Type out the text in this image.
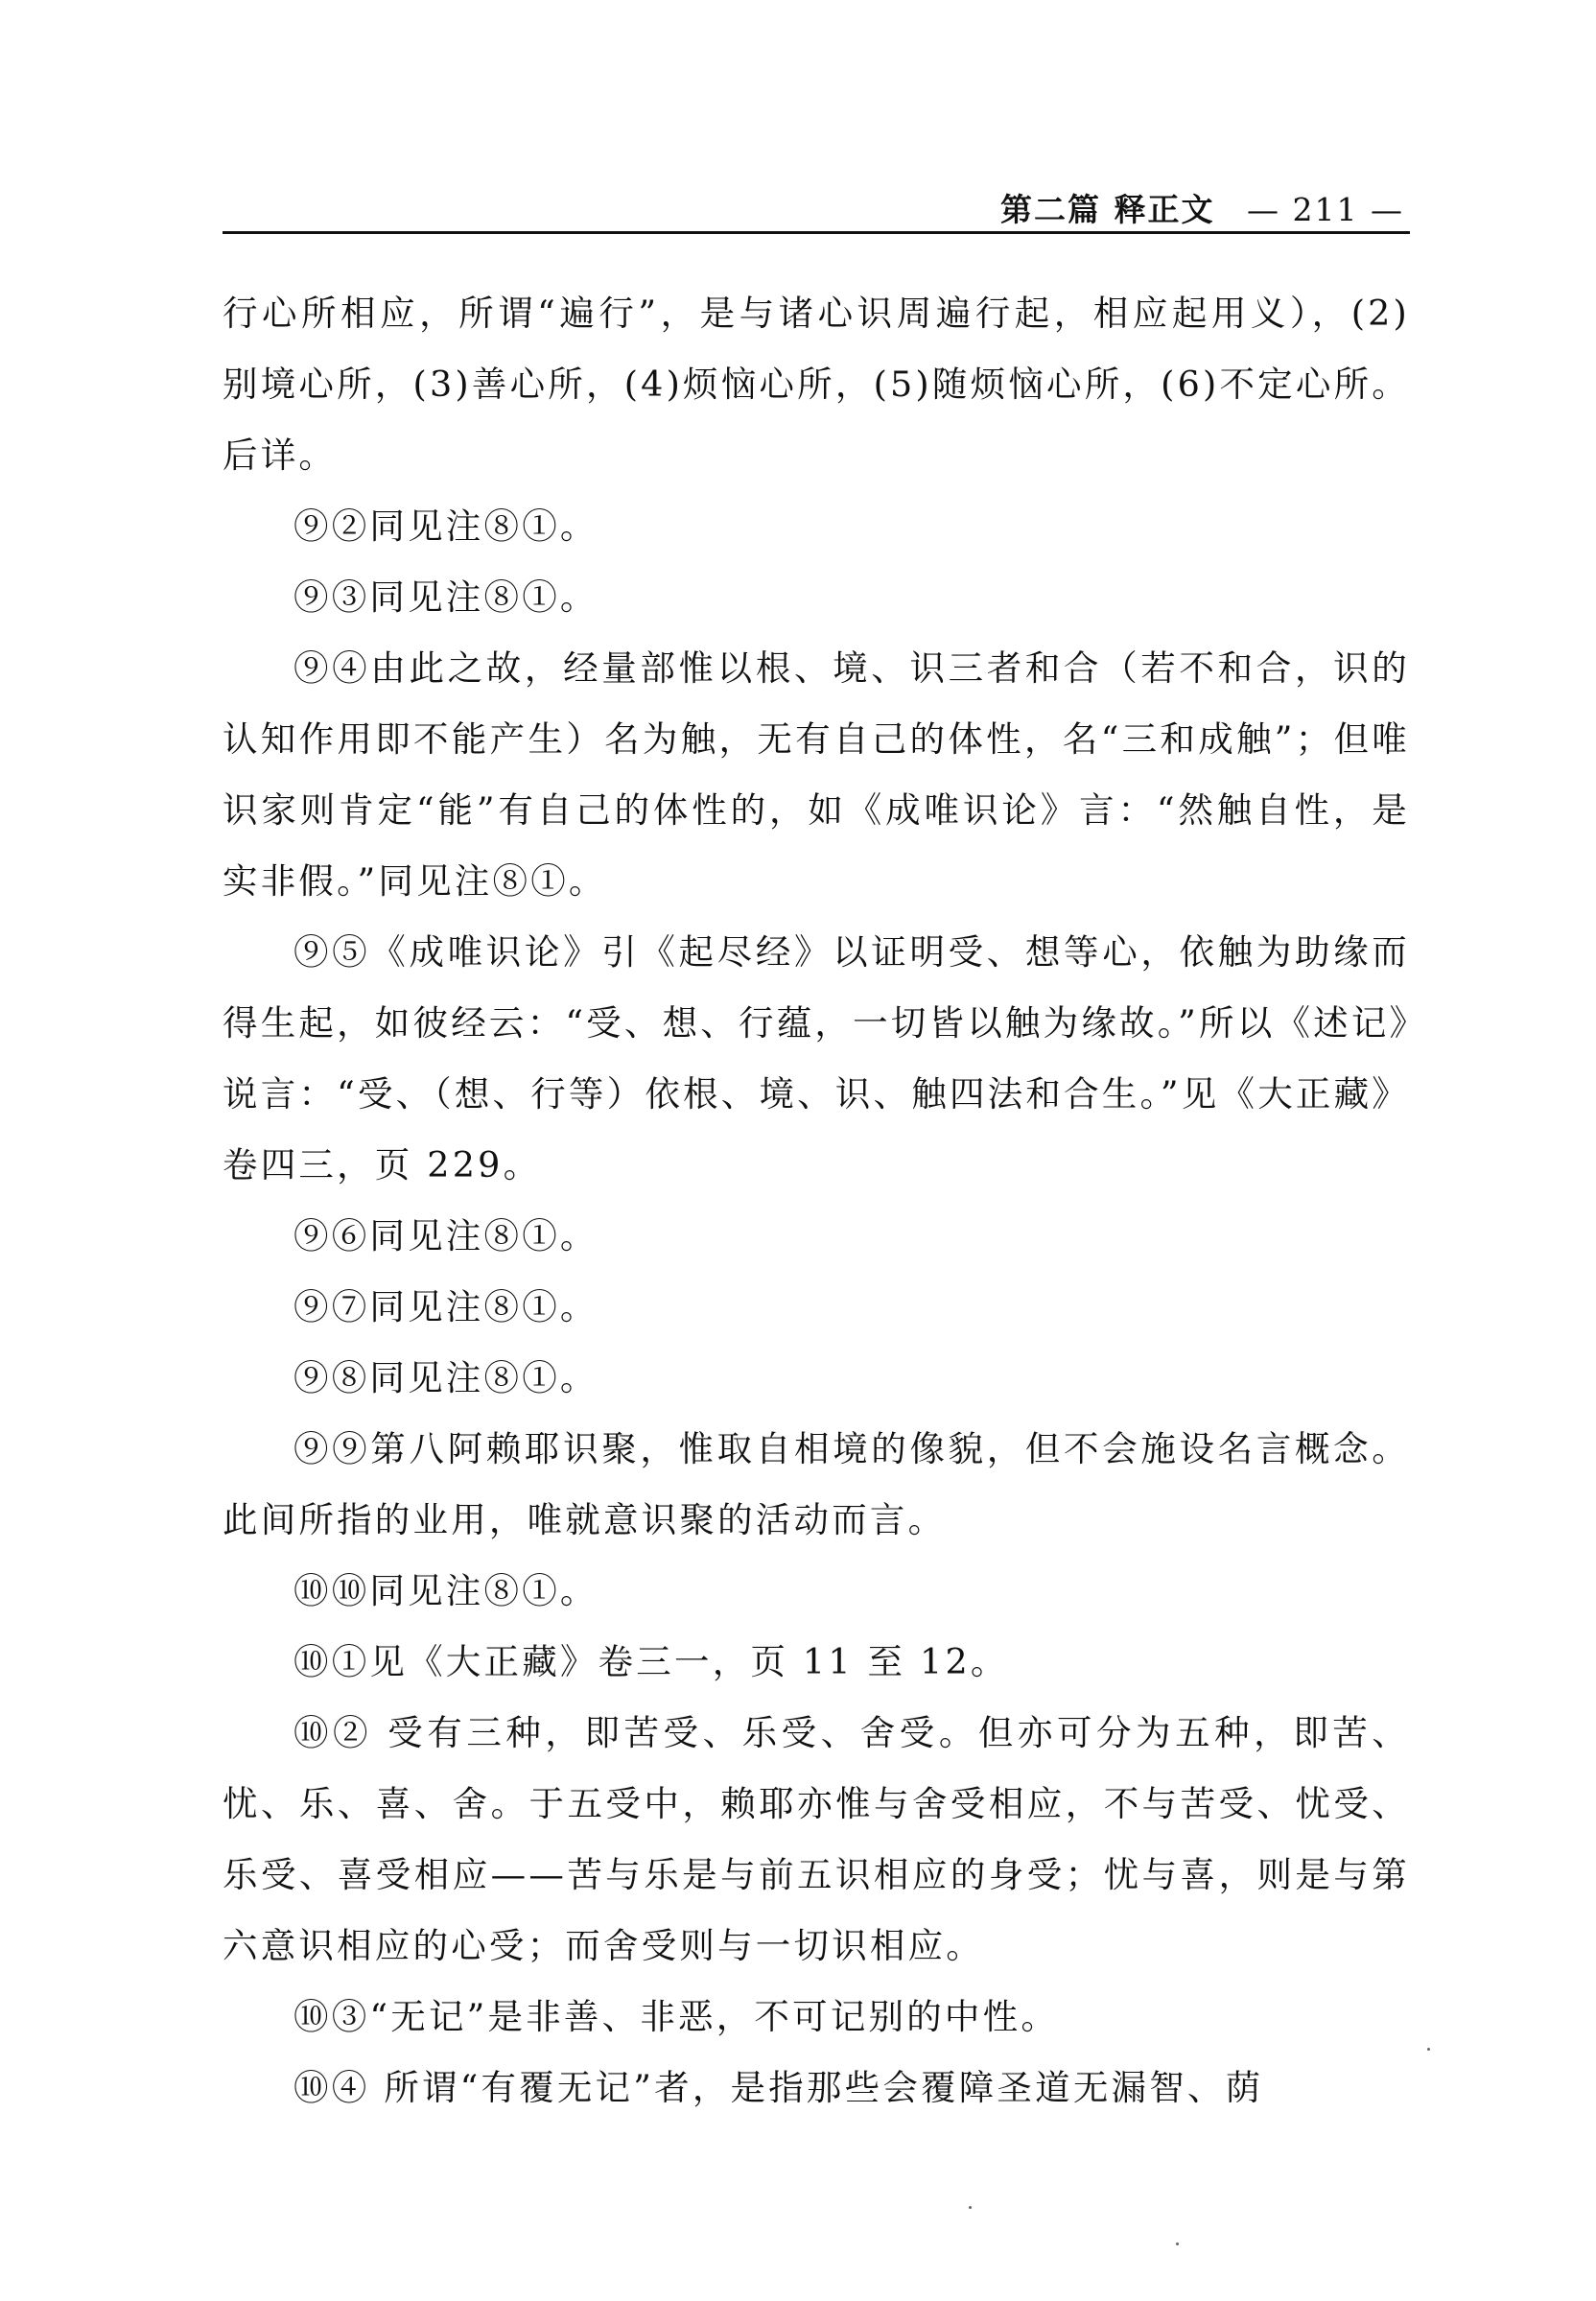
第二篇 释正文 — 211 —

行心所相应，所谓“遍行”，是与诸心识周遍行起，相应起用义），(2)别境心所，(3)善心所，(4)烦恼心所，(5)随烦恼心所，(6)不定心所。后详。

⑨②同见注⑧①。

⑨③同见注⑧①。

⑨④由此之故，经量部惟以根、境、识三者和合（若不和合，识的认知作用即不能产生）名为触，无有自己的体性，名“三和成触”；但唯识家则肯定“能”有自己的体性的，如《成唯识论》言：“然触自性，是实非假。”同见注⑧①。

⑨⑤《成唯识论》引《起尽经》以证明受、想等心，依触为助缘而得生起，如彼经云：“受、想、行蕴，一切皆以触为缘故。”所以《述记》说言：“受、（想、行等）依根、境、识、触四法和合生。”见《大正藏》卷四三，页 229。

⑨⑥同见注⑧①。

⑨⑦同见注⑧①。

⑨⑧同见注⑧①。

⑨⑨第八阿赖耶识聚，惟取自相境的像貌，但不会施设名言概念。此间所指的业用，唯就意识聚的活动而言。

⑩⑩同见注⑧①。

⑩①见《大正藏》卷三一，页 11 至 12。

⑩② 受有三种，即苦受、乐受、舍受。但亦可分为五种，即苦、忧、乐、喜、舍。于五受中，赖耶亦惟与舍受相应，不与苦受、忧受、乐受、喜受相应——苦与乐是与前五识相应的身受；忧与喜，则是与第六意识相应的心受；而舍受则与一切识相应。

⑩③“无记”是非善、非恶，不可记别的中性。

⑩④ 所谓“有覆无记”者，是指那些会覆障圣道无漏智、荫
